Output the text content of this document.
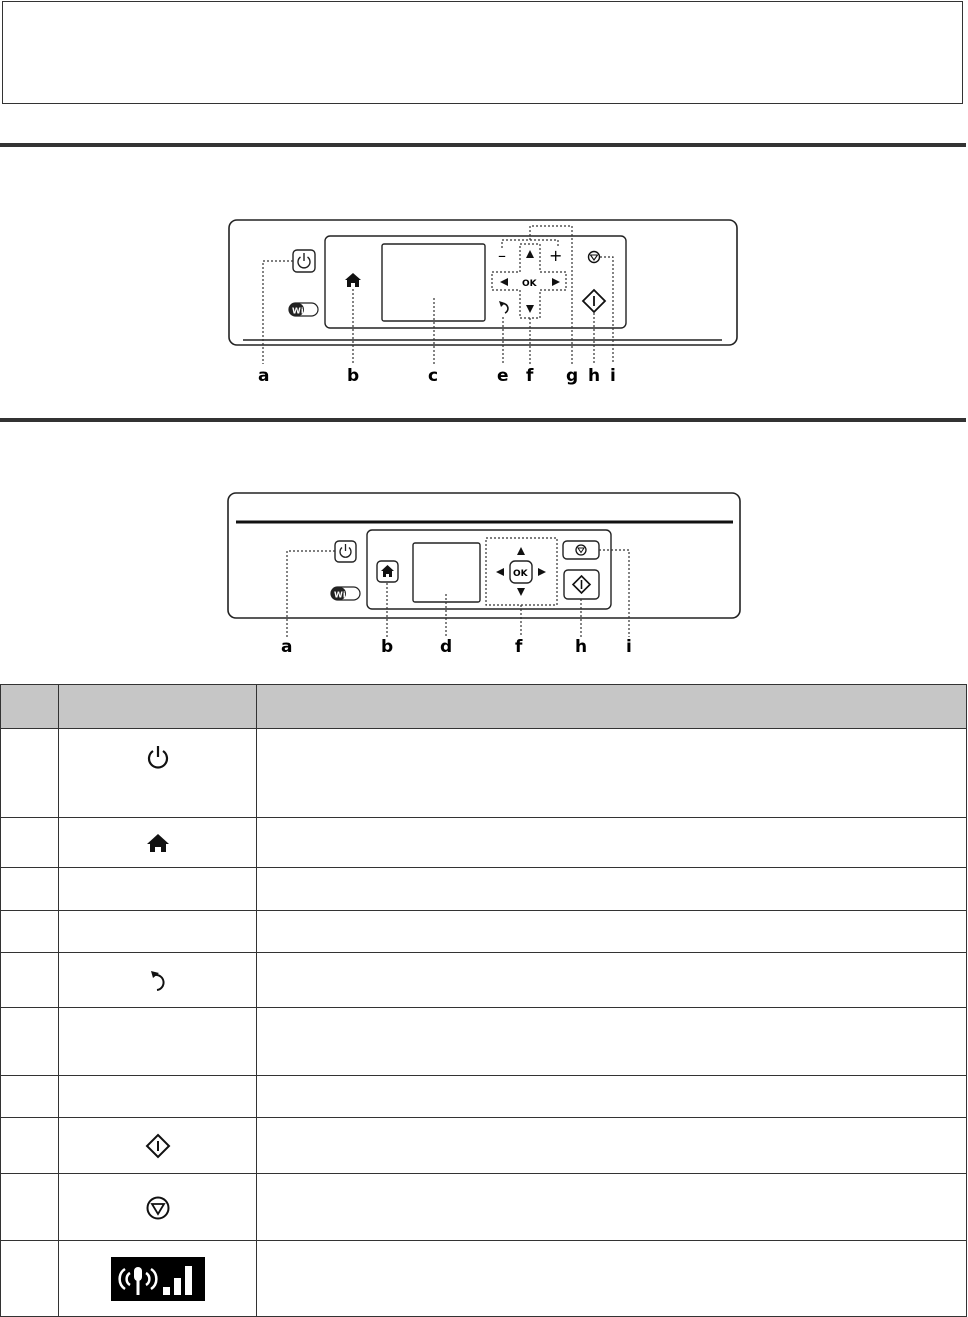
WiFi
–	+
OK
a	b	c	e f g h i
WiFi
OK
a	b	d	f	h i
